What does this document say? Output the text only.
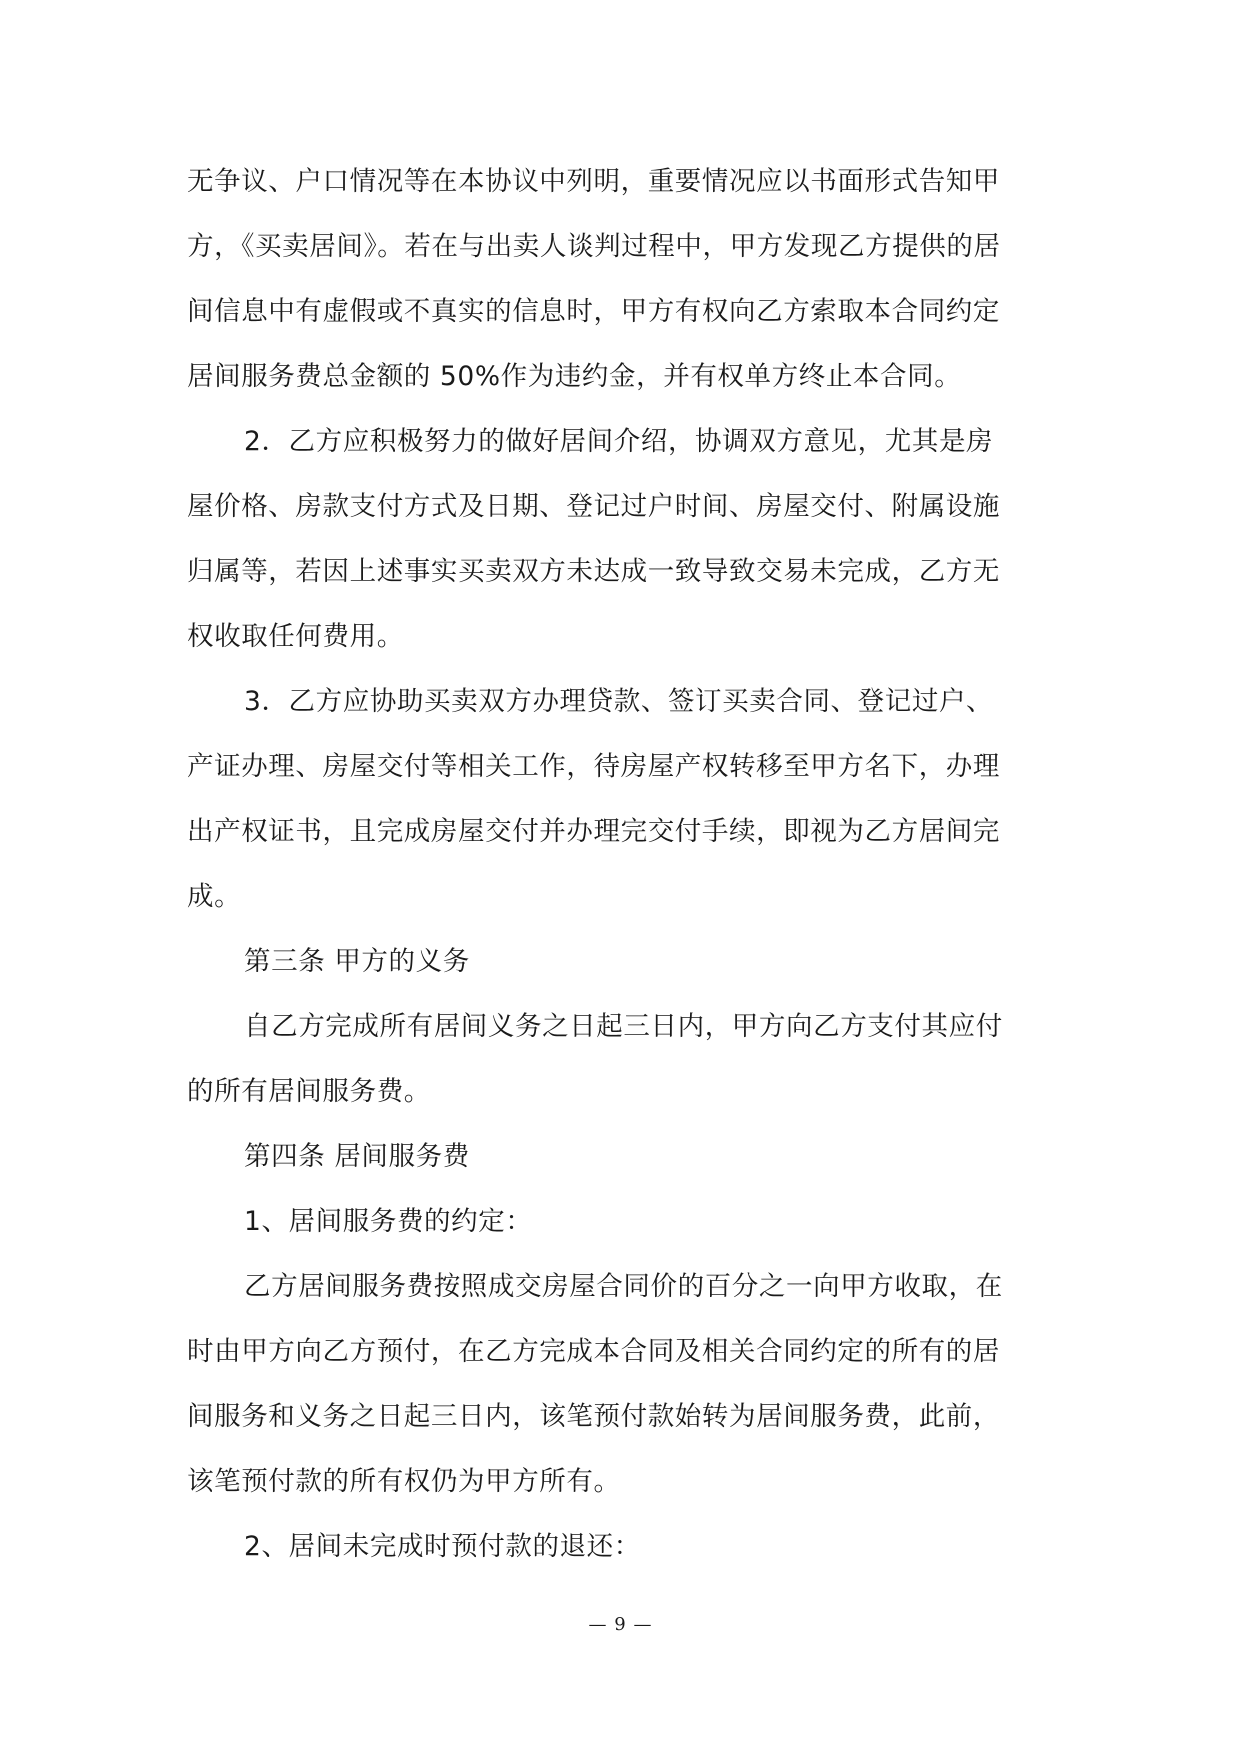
无争议、户口情况等在本协议中列明，重要情况应以书面形式告知甲
方，《买卖居间》。若在与出卖人谈判过程中，甲方发现乙方提供的居
间信息中有虚假或不真实的信息时，甲方有权向乙方索取本合同约定
居间服务费总金额的 50%作为违约金，并有权单方终止本合同。
2．乙方应积极努力的做好居间介绍，协调双方意见，尤其是房
屋价格、房款支付方式及日期、登记过户时间、房屋交付、附属设施
归属等，若因上述事实买卖双方未达成一致导致交易未完成，乙方无
权收取任何费用。
3．乙方应协助买卖双方办理贷款、签订买卖合同、登记过户、
产证办理、房屋交付等相关工作，待房屋产权转移至甲方名下，办理
出产权证书，且完成房屋交付并办理完交付手续，即视为乙方居间完
成。
第三条 甲方的义务
自乙方完成所有居间义务之日起三日内，甲方向乙方支付其应付
的所有居间服务费。
第四条 居间服务费
1、居间服务费的约定：
乙方居间服务费按照成交房屋合同价的百分之一向甲方收取，在
时由甲方向乙方预付，在乙方完成本合同及相关合同约定的所有的居
间服务和义务之日起三日内，该笔预付款始转为居间服务费，此前，
该笔预付款的所有权仍为甲方所有。
2、居间未完成时预付款的退还：
— 9 —
